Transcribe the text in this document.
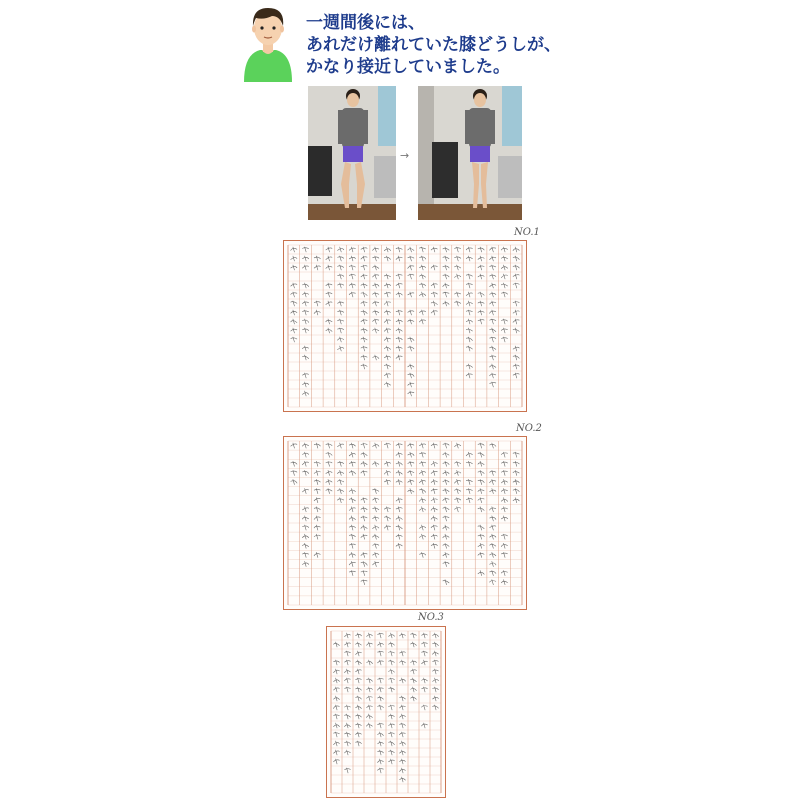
一週間後には、
あれだけ離れていた膝どうしが、
かなり接近していました。
→
NO.1
NO.2
NO.3
